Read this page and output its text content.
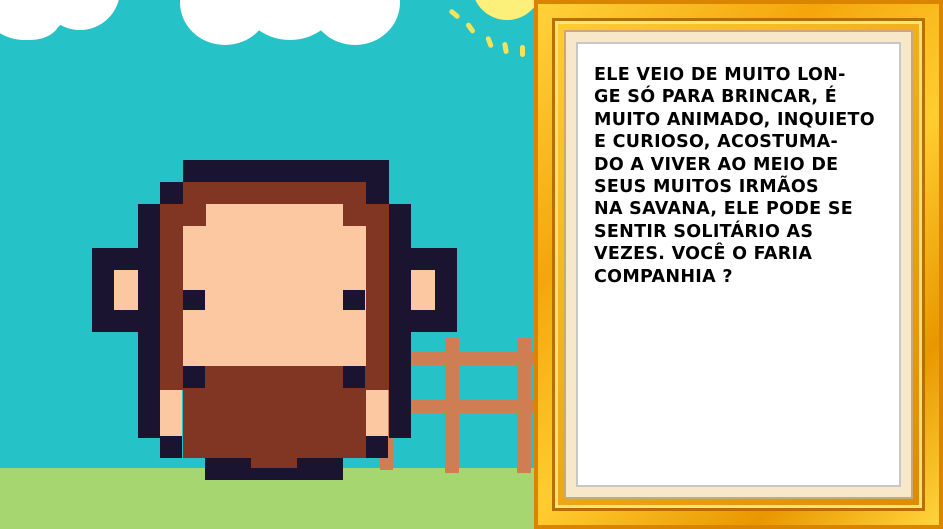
ELE VEIO DE MUITO LON-
GE SÓ PARA BRINCAR, É
MUITO ANIMADO, INQUIETO
E CURIOSO, ACOSTUMA-
DO A VIVER AO MEIO DE
SEUS MUITOS IRMÃOS
NA SAVANA, ELE PODE SE
SENTIR SOLITÁRIO AS
VEZES. VOCÊ O FARIA
COMPANHIA ?
